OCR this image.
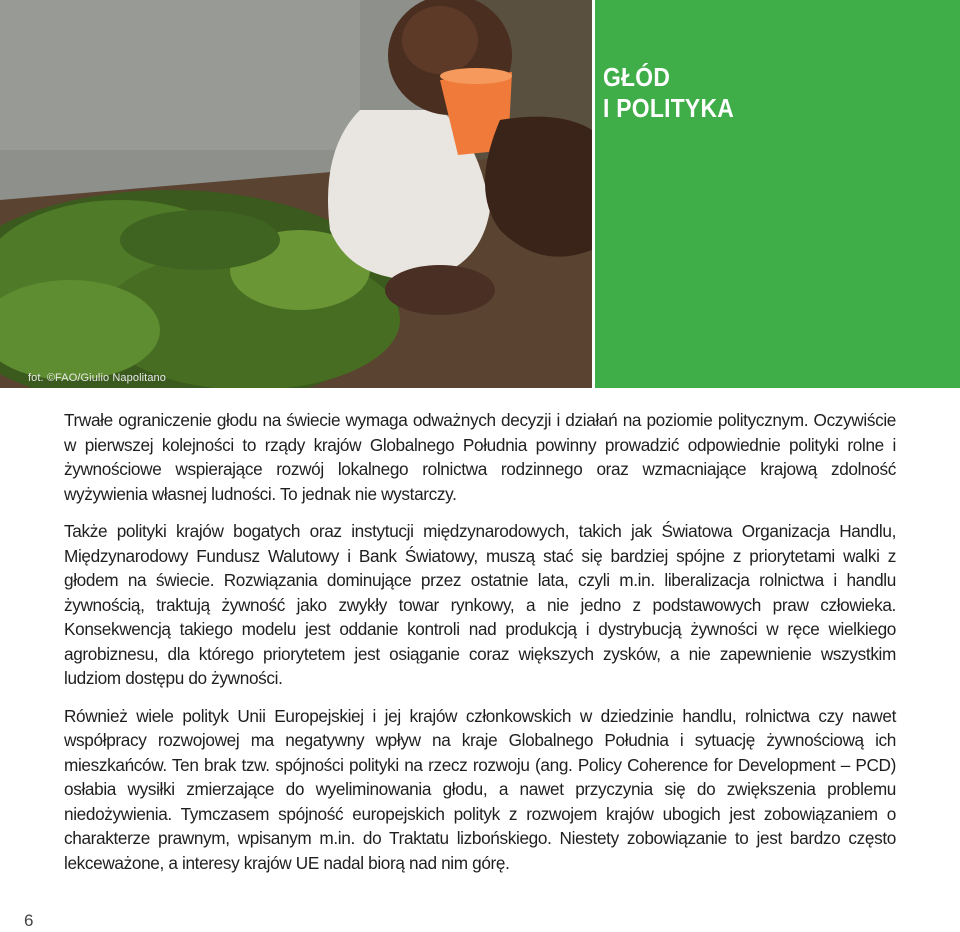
fot. ©FAO/Giulio Napolitano
GŁÓD
I POLITYKA

Trwałe ograniczenie głodu na świecie wymaga odważnych decyzji i działań na poziomie politycznym. Oczywiście w pierwszej kolejności to rządy krajów Globalnego Południa powinny prowadzić odpowiednie polityki rolne i żywnościowe wspierające rozwój lokalnego rolnictwa rodzinnego oraz wzmacniające krajową zdolność wyżywienia własnej ludności. To jednak nie wystarczy.

Także polityki krajów bogatych oraz instytucji międzynarodowych, takich jak Światowa Organizacja Handlu, Międzynarodowy Fundusz Walutowy i Bank Światowy, muszą stać się bardziej spójne z priorytetami walki z głodem na świecie. Rozwiązania dominujące przez ostatnie lata, czyli m.in. liberalizacja rolnictwa i handlu żywnością, traktują żywność jako zwykły towar rynkowy, a nie jedno z podstawowych praw człowieka. Konsekwencją takiego modelu jest oddanie kontroli nad produkcją i dystrybucją żywności w ręce wielkiego agrobiznesu, dla którego priorytetem jest osiąganie coraz większych zysków, a nie zapewnienie wszystkim ludziom dostępu do żywności.

Również wiele polityk Unii Europejskiej i jej krajów członkowskich w dziedzinie handlu, rolnictwa czy nawet współpracy rozwojowej ma negatywny wpływ na kraje Globalnego Południa i sytuację żywnościową ich mieszkańców. Ten brak tzw. spójności polityki na rzecz rozwoju (ang. Policy Coherence for Development – PCD) osłabia wysiłki zmierzające do wyeliminowania głodu, a nawet przyczynia się do zwiększenia problemu niedożywienia. Tymczasem spójność europejskich polityk z rozwojem krajów ubogich jest zobowiązaniem o charakterze prawnym, wpisanym m.in. do Traktatu lizbońskiego. Niestety zobowiązanie to jest bardzo często lekceważone, a interesy krajów UE nadal biorą nad nim górę.

6
